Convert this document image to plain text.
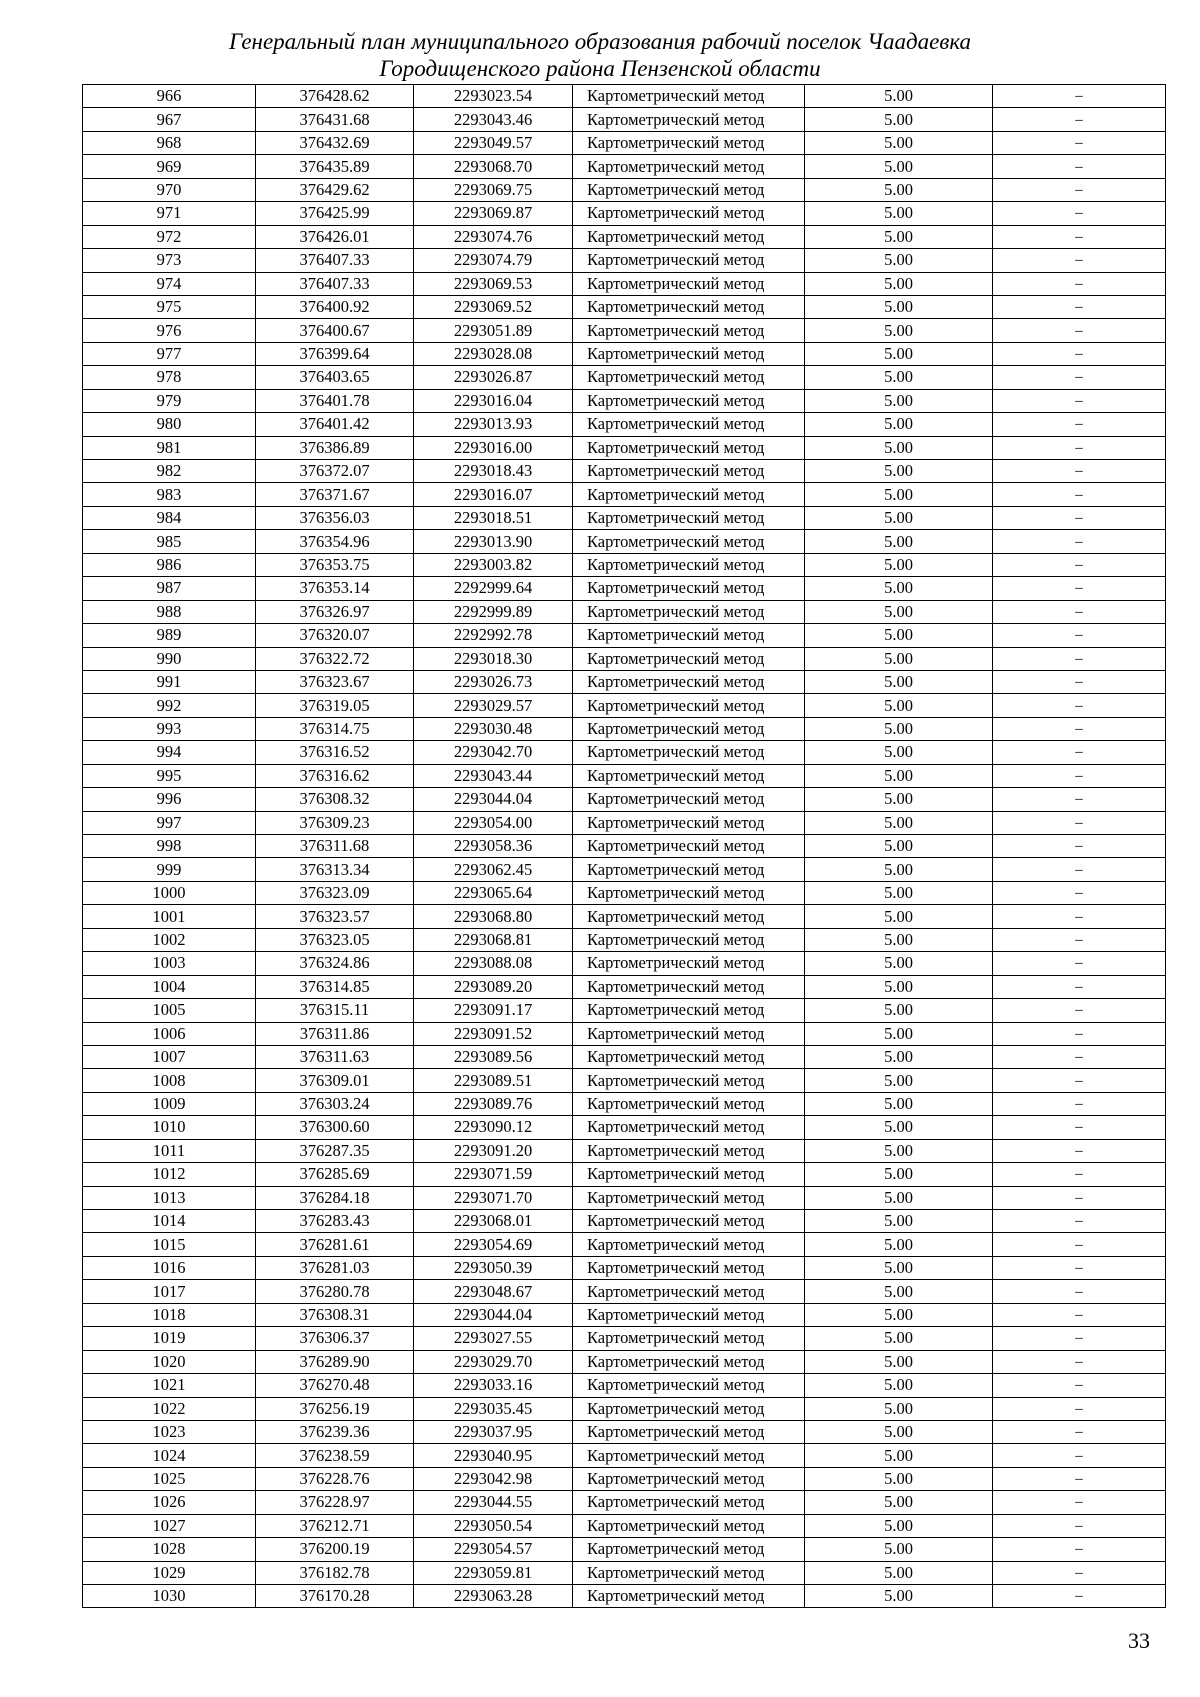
Генеральный план муниципального образования рабочий поселок Чаадаевка
Городищенского района Пензенской области
966	376428.62	2293023.54	Картометрический метод	5.00	–
967	376431.68	2293043.46	Картометрический метод	5.00	–
968	376432.69	2293049.57	Картометрический метод	5.00	–
969	376435.89	2293068.70	Картометрический метод	5.00	–
970	376429.62	2293069.75	Картометрический метод	5.00	–
971	376425.99	2293069.87	Картометрический метод	5.00	–
972	376426.01	2293074.76	Картометрический метод	5.00	–
973	376407.33	2293074.79	Картометрический метод	5.00	–
974	376407.33	2293069.53	Картометрический метод	5.00	–
975	376400.92	2293069.52	Картометрический метод	5.00	–
976	376400.67	2293051.89	Картометрический метод	5.00	–
977	376399.64	2293028.08	Картометрический метод	5.00	–
978	376403.65	2293026.87	Картометрический метод	5.00	–
979	376401.78	2293016.04	Картометрический метод	5.00	–
980	376401.42	2293013.93	Картометрический метод	5.00	–
981	376386.89	2293016.00	Картометрический метод	5.00	–
982	376372.07	2293018.43	Картометрический метод	5.00	–
983	376371.67	2293016.07	Картометрический метод	5.00	–
984	376356.03	2293018.51	Картометрический метод	5.00	–
985	376354.96	2293013.90	Картометрический метод	5.00	–
986	376353.75	2293003.82	Картометрический метод	5.00	–
987	376353.14	2292999.64	Картометрический метод	5.00	–
988	376326.97	2292999.89	Картометрический метод	5.00	–
989	376320.07	2292992.78	Картометрический метод	5.00	–
990	376322.72	2293018.30	Картометрический метод	5.00	–
991	376323.67	2293026.73	Картометрический метод	5.00	–
992	376319.05	2293029.57	Картометрический метод	5.00	–
993	376314.75	2293030.48	Картометрический метод	5.00	–
994	376316.52	2293042.70	Картометрический метод	5.00	–
995	376316.62	2293043.44	Картометрический метод	5.00	–
996	376308.32	2293044.04	Картометрический метод	5.00	–
997	376309.23	2293054.00	Картометрический метод	5.00	–
998	376311.68	2293058.36	Картометрический метод	5.00	–
999	376313.34	2293062.45	Картометрический метод	5.00	–
1000	376323.09	2293065.64	Картометрический метод	5.00	–
1001	376323.57	2293068.80	Картометрический метод	5.00	–
1002	376323.05	2293068.81	Картометрический метод	5.00	–
1003	376324.86	2293088.08	Картометрический метод	5.00	–
1004	376314.85	2293089.20	Картометрический метод	5.00	–
1005	376315.11	2293091.17	Картометрический метод	5.00	–
1006	376311.86	2293091.52	Картометрический метод	5.00	–
1007	376311.63	2293089.56	Картометрический метод	5.00	–
1008	376309.01	2293089.51	Картометрический метод	5.00	–
1009	376303.24	2293089.76	Картометрический метод	5.00	–
1010	376300.60	2293090.12	Картометрический метод	5.00	–
1011	376287.35	2293091.20	Картометрический метод	5.00	–
1012	376285.69	2293071.59	Картометрический метод	5.00	–
1013	376284.18	2293071.70	Картометрический метод	5.00	–
1014	376283.43	2293068.01	Картометрический метод	5.00	–
1015	376281.61	2293054.69	Картометрический метод	5.00	–
1016	376281.03	2293050.39	Картометрический метод	5.00	–
1017	376280.78	2293048.67	Картометрический метод	5.00	–
1018	376308.31	2293044.04	Картометрический метод	5.00	–
1019	376306.37	2293027.55	Картометрический метод	5.00	–
1020	376289.90	2293029.70	Картометрический метод	5.00	–
1021	376270.48	2293033.16	Картометрический метод	5.00	–
1022	376256.19	2293035.45	Картометрический метод	5.00	–
1023	376239.36	2293037.95	Картометрический метод	5.00	–
1024	376238.59	2293040.95	Картометрический метод	5.00	–
1025	376228.76	2293042.98	Картометрический метод	5.00	–
1026	376228.97	2293044.55	Картометрический метод	5.00	–
1027	376212.71	2293050.54	Картометрический метод	5.00	–
1028	376200.19	2293054.57	Картометрический метод	5.00	–
1029	376182.78	2293059.81	Картометрический метод	5.00	–
1030	376170.28	2293063.28	Картометрический метод	5.00	–
33
